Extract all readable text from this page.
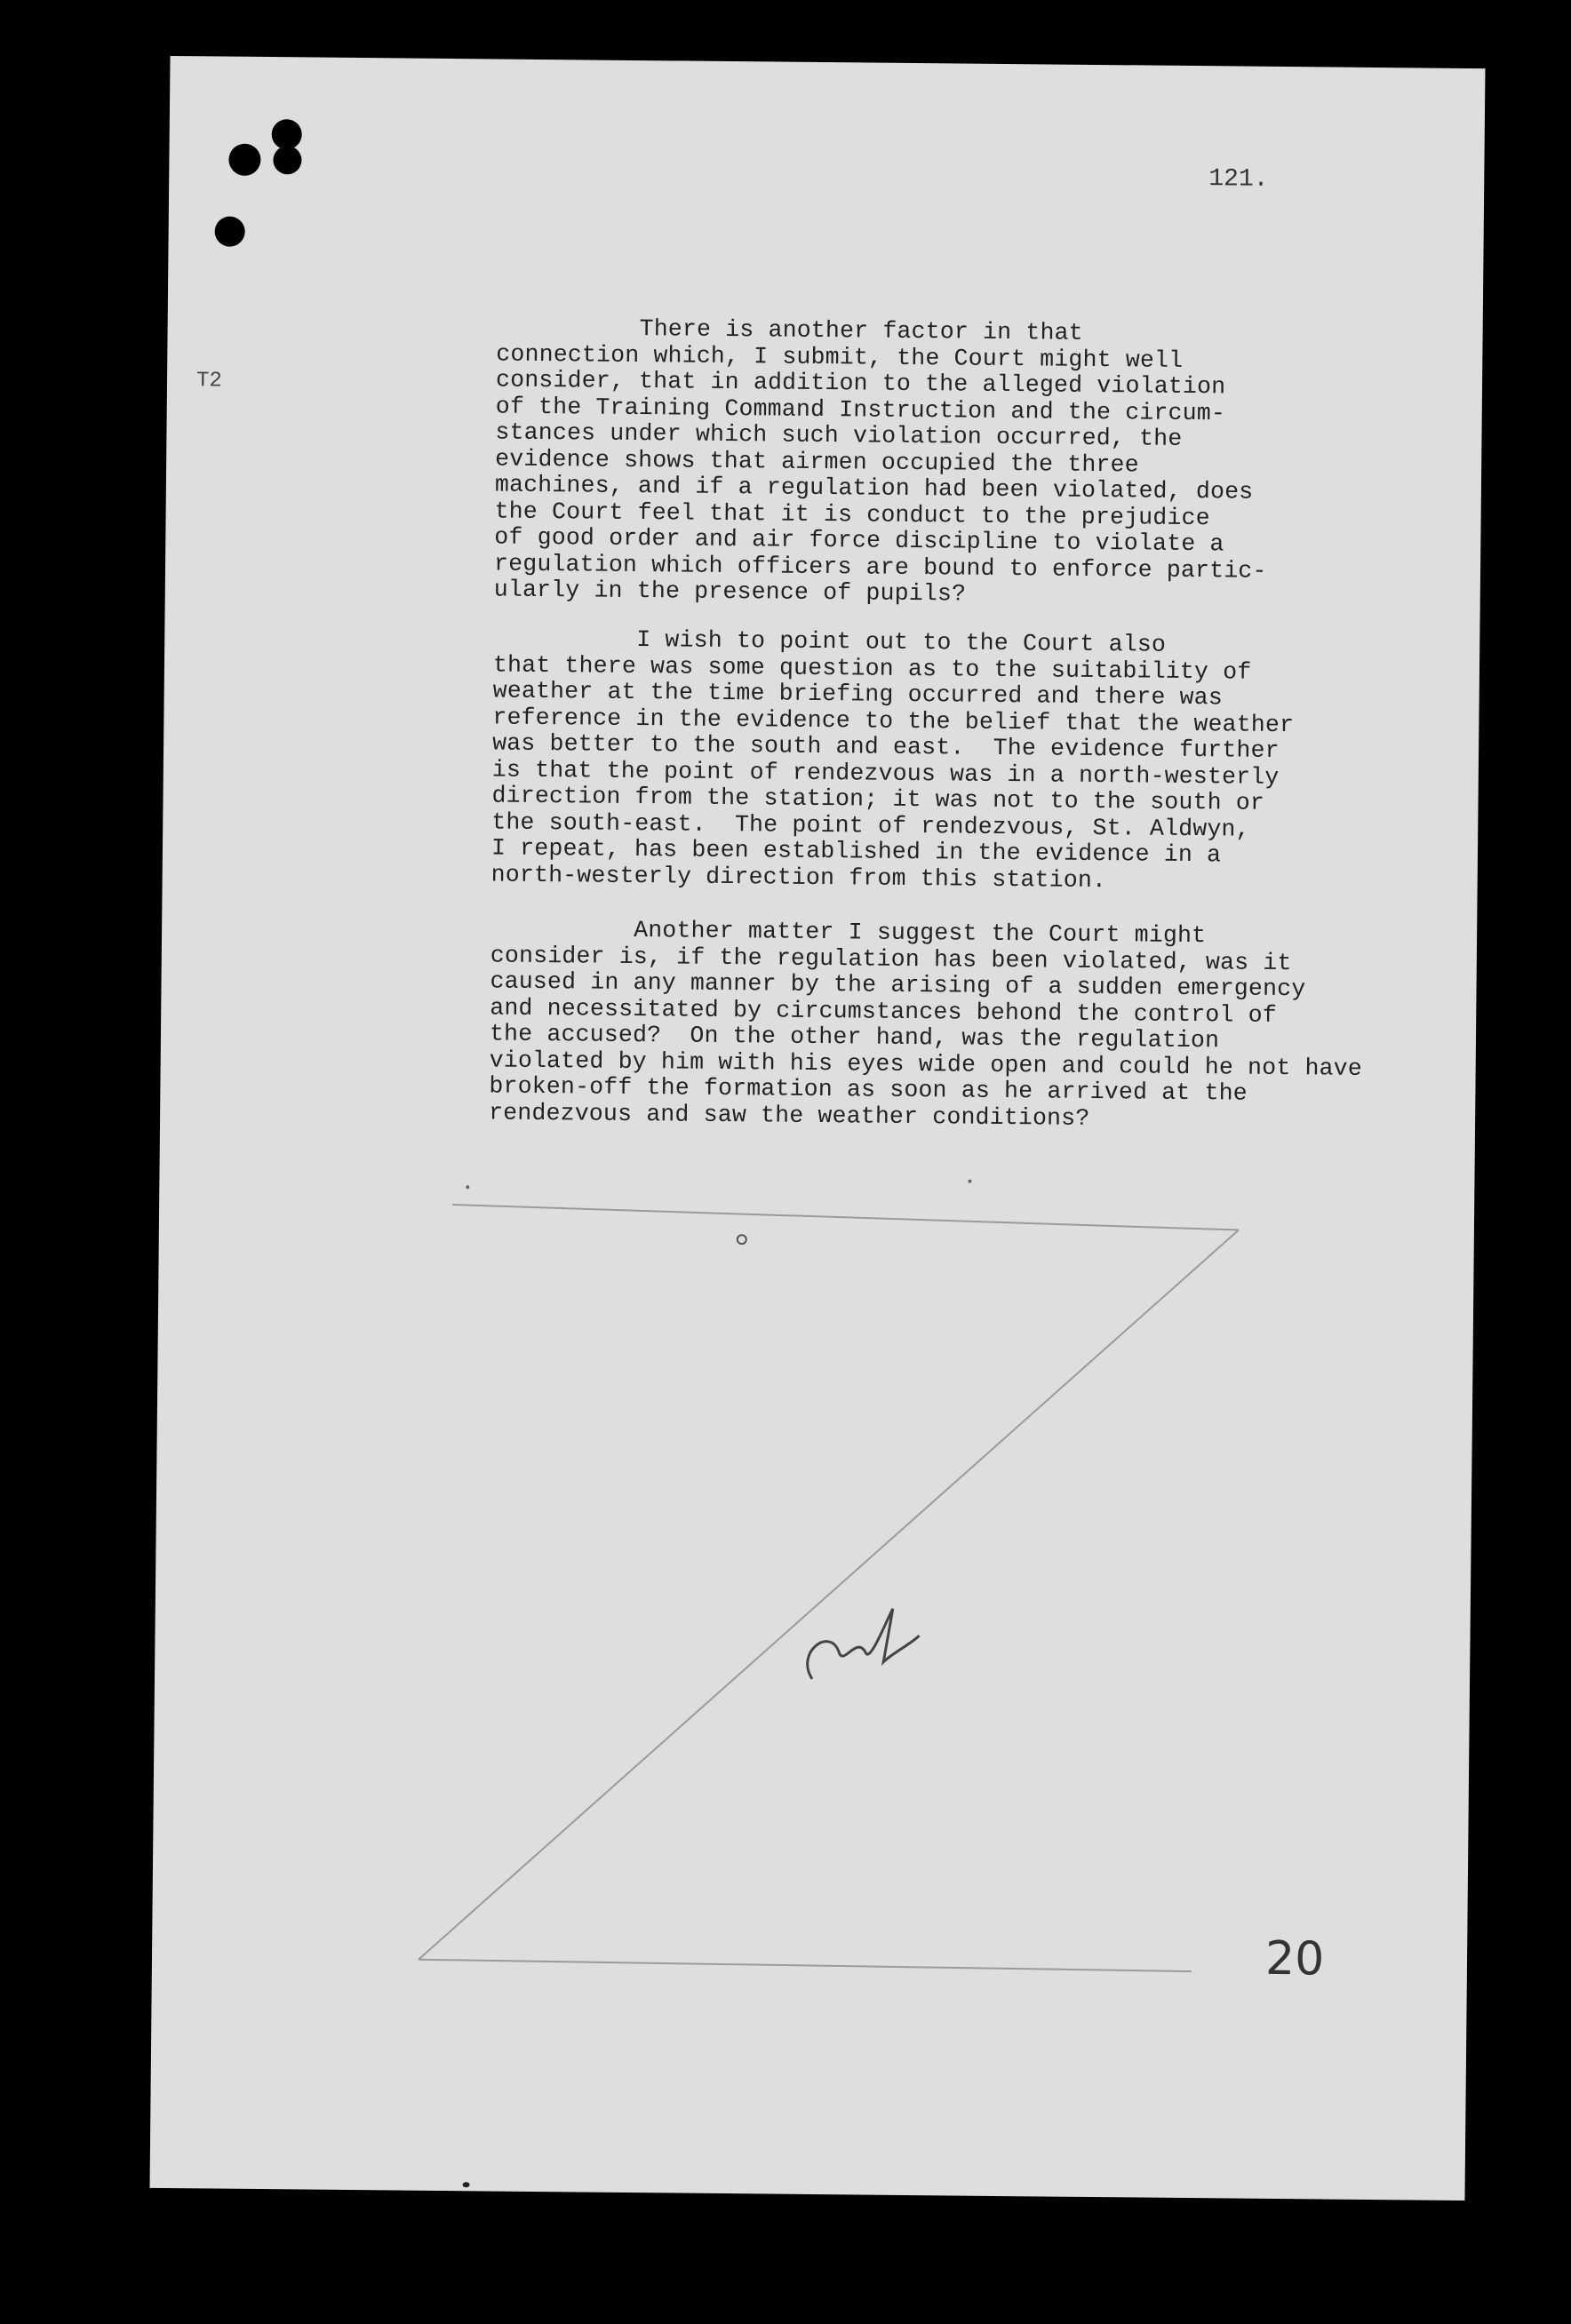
121.
T2
There is another factor in that
connection which, I submit, the Court might well
consider, that in addition to the alleged violation
of the Training Command Instruction and the circum-
stances under which such violation occurred, the
evidence shows that airmen occupied the three
machines, and if a regulation had been violated, does
the Court feel that it is conduct to the prejudice
of good order and air force discipline to violate a
regulation which officers are bound to enforce partic-
ularly in the presence of pupils?
I wish to point out to the Court also
that there was some question as to the suitability of
weather at the time briefing occurred and there was
reference in the evidence to the belief that the weather
was better to the south and east.  The evidence further
is that the point of rendezvous was in a north-westerly
direction from the station; it was not to the south or
the south-east.  The point of rendezvous, St. Aldwyn,
I repeat, has been established in the evidence in a
north-westerly direction from this station.
Another matter I suggest the Court might
consider is, if the regulation has been violated, was it
caused in any manner by the arising of a sudden emergency
and necessitated by circumstances behond the control of
the accused?  On the other hand, was the regulation
violated by him with his eyes wide open and could he not have
broken-off the formation as soon as he arrived at the
rendezvous and saw the weather conditions?
20
